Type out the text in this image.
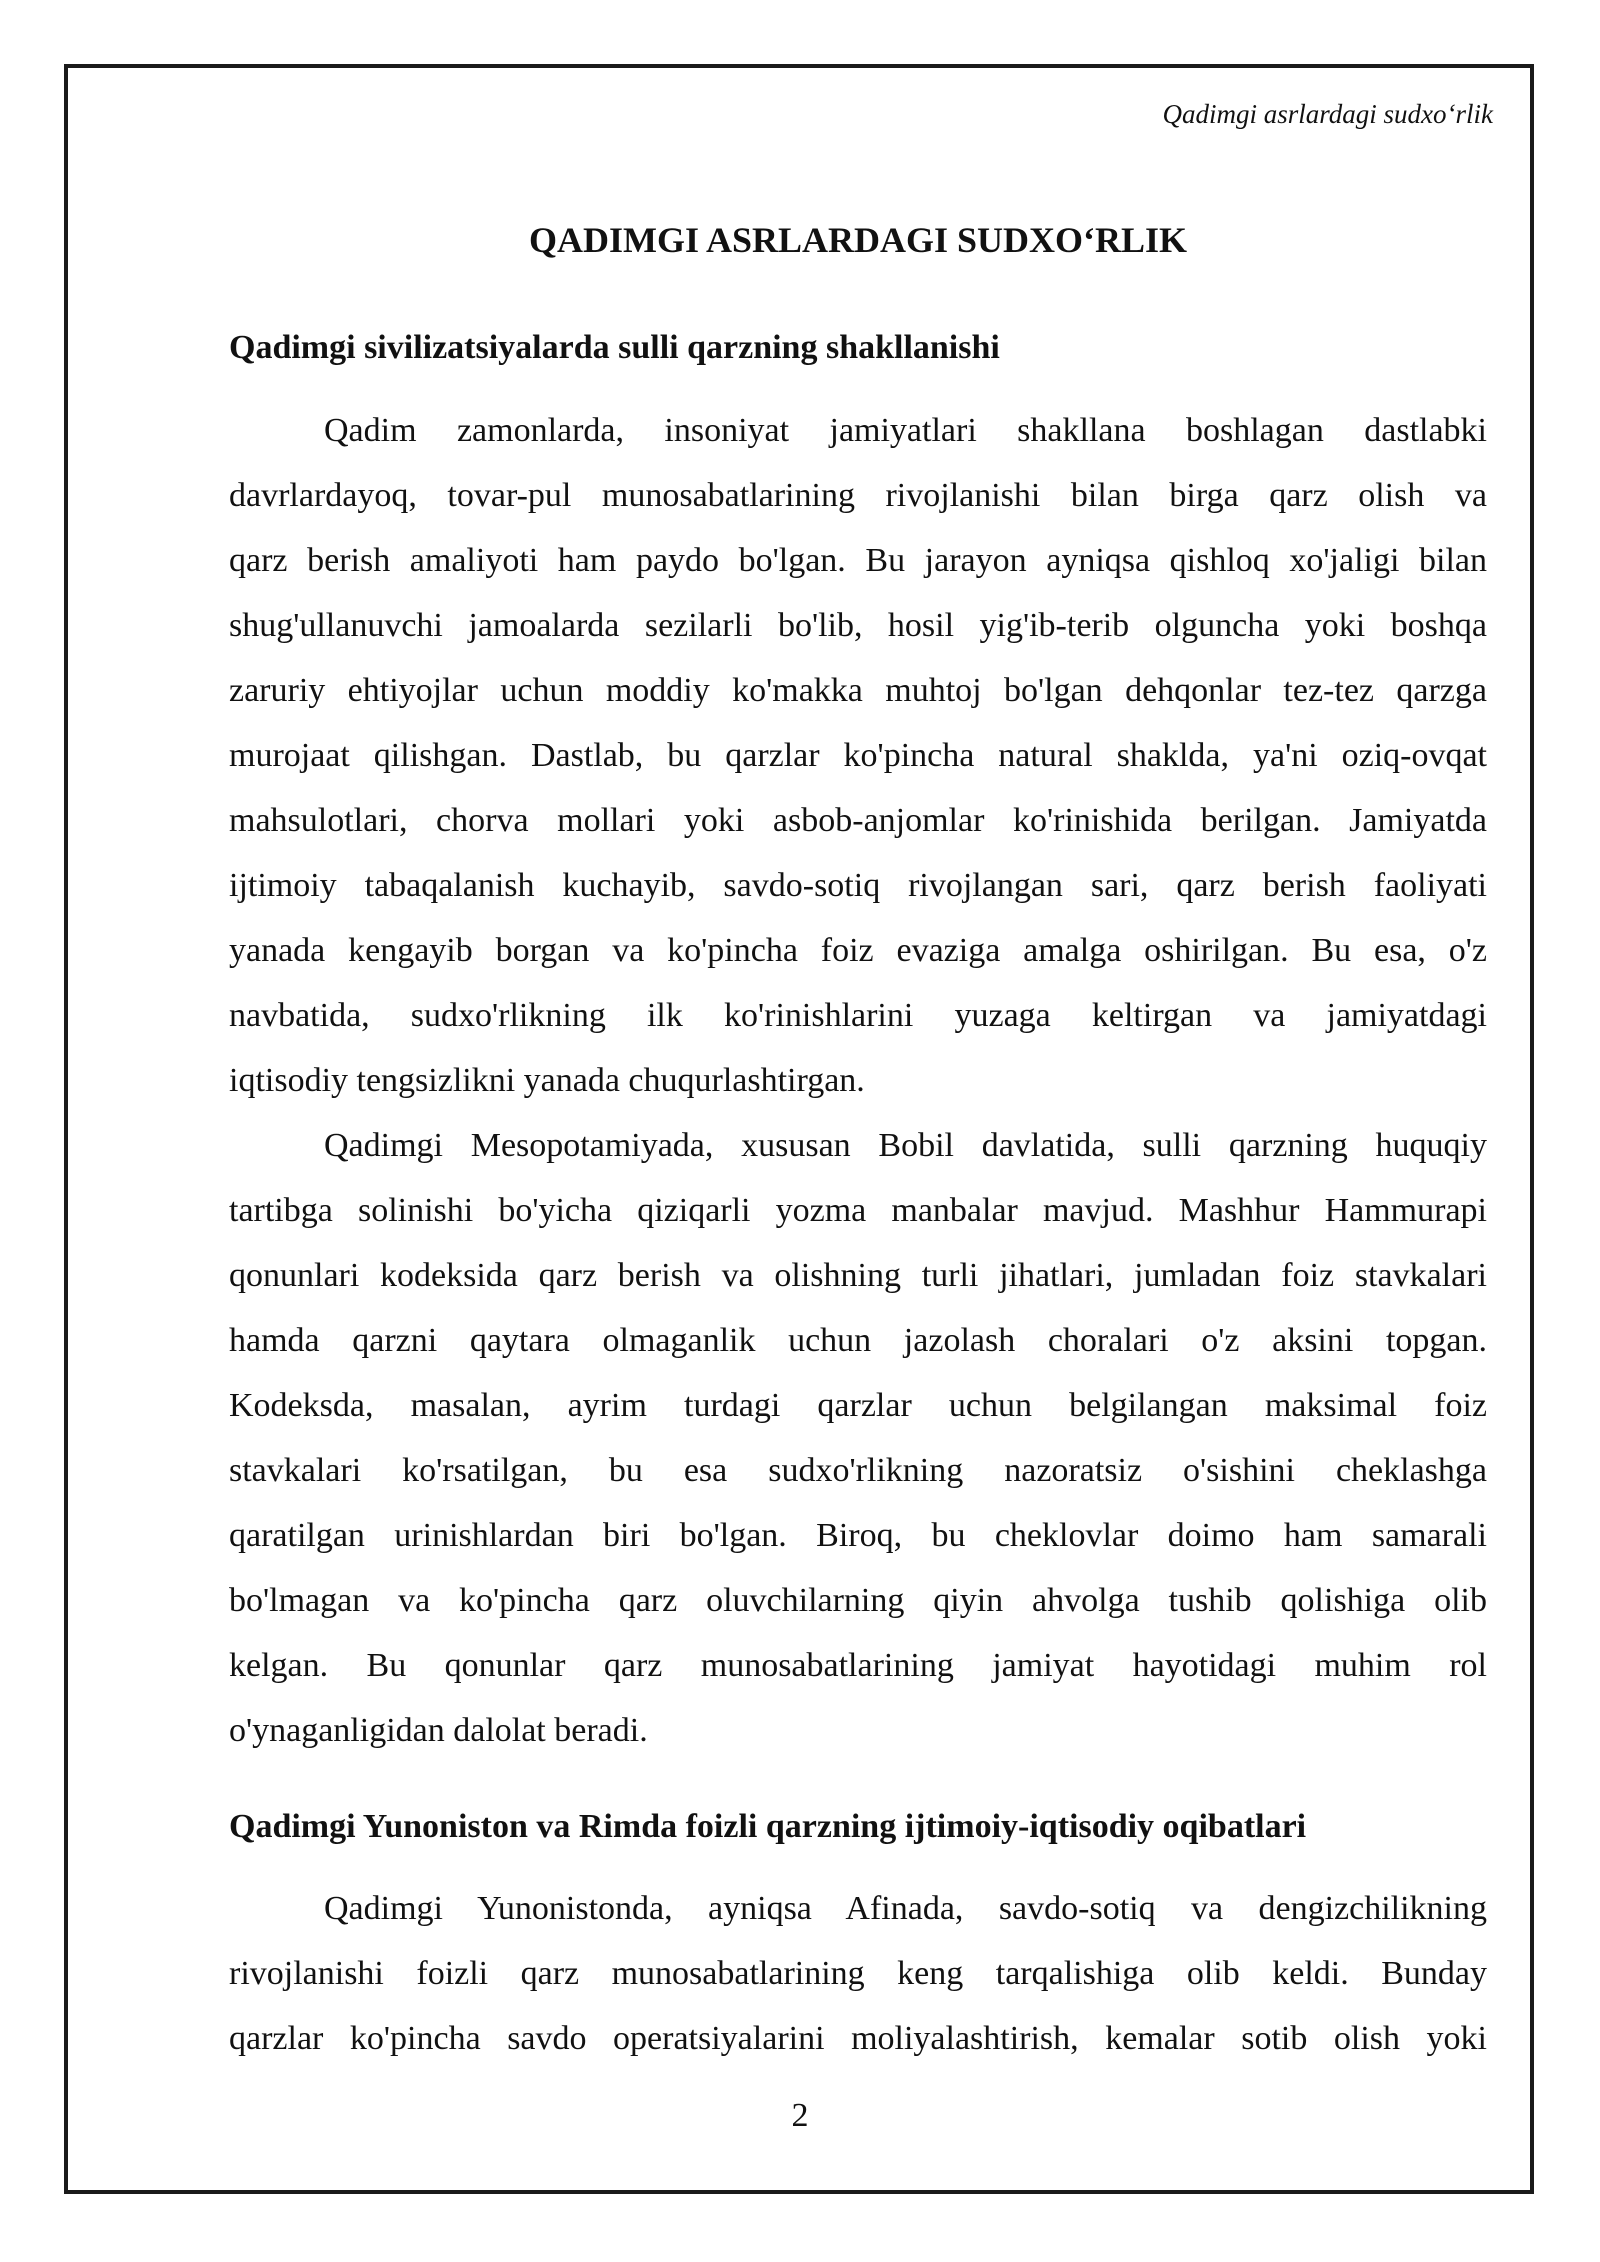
Qadimgi asrlardagi sudxo‘rlik
QADIMGI ASRLARDAGI SUDXO‘RLIK
Qadimgi sivilizatsiyalarda sulli qarzning shakllanishi
Qadim zamonlarda, insoniyat jamiyatlari shakllana boshlagan dastlabki
davrlardayoq, tovar-pul munosabatlarining rivojlanishi bilan birga qarz olish va
qarz berish amaliyoti ham paydo bo'lgan. Bu jarayon ayniqsa qishloq xo'jaligi bilan
shug'ullanuvchi jamoalarda sezilarli bo'lib, hosil yig'ib-terib olguncha yoki boshqa
zaruriy ehtiyojlar uchun moddiy ko'makka muhtoj bo'lgan dehqonlar tez-tez qarzga
murojaat qilishgan. Dastlab, bu qarzlar ko'pincha natural shaklda, ya'ni oziq-ovqat
mahsulotlari, chorva mollari yoki asbob-anjomlar ko'rinishida berilgan. Jamiyatda
ijtimoiy tabaqalanish kuchayib, savdo-sotiq rivojlangan sari, qarz berish faoliyati
yanada kengayib borgan va ko'pincha foiz evaziga amalga oshirilgan. Bu esa, o'z
navbatida, sudxo'rlikning ilk ko'rinishlarini yuzaga keltirgan va jamiyatdagi
iqtisodiy tengsizlikni yanada chuqurlashtirgan.
Qadimgi Mesopotamiyada, xususan Bobil davlatida, sulli qarzning huquqiy
tartibga solinishi bo'yicha qiziqarli yozma manbalar mavjud. Mashhur Hammurapi
qonunlari kodeksida qarz berish va olishning turli jihatlari, jumladan foiz stavkalari
hamda qarzni qaytara olmaganlik uchun jazolash choralari o'z aksini topgan.
Kodeksda, masalan, ayrim turdagi qarzlar uchun belgilangan maksimal foiz
stavkalari ko'rsatilgan, bu esa sudxo'rlikning nazoratsiz o'sishini cheklashga
qaratilgan urinishlardan biri bo'lgan. Biroq, bu cheklovlar doimo ham samarali
bo'lmagan va ko'pincha qarz oluvchilarning qiyin ahvolga tushib qolishiga olib
kelgan. Bu qonunlar qarz munosabatlarining jamiyat hayotidagi muhim rol
o'ynaganligidan dalolat beradi.
Qadimgi Yunoniston va Rimda foizli qarzning ijtimoiy-iqtisodiy oqibatlari
Qadimgi Yunonistonda, ayniqsa Afinada, savdo-sotiq va dengizchilikning
rivojlanishi foizli qarz munosabatlarining keng tarqalishiga olib keldi. Bunday
qarzlar ko'pincha savdo operatsiyalarini moliyalashtirish, kemalar sotib olish yoki
2
